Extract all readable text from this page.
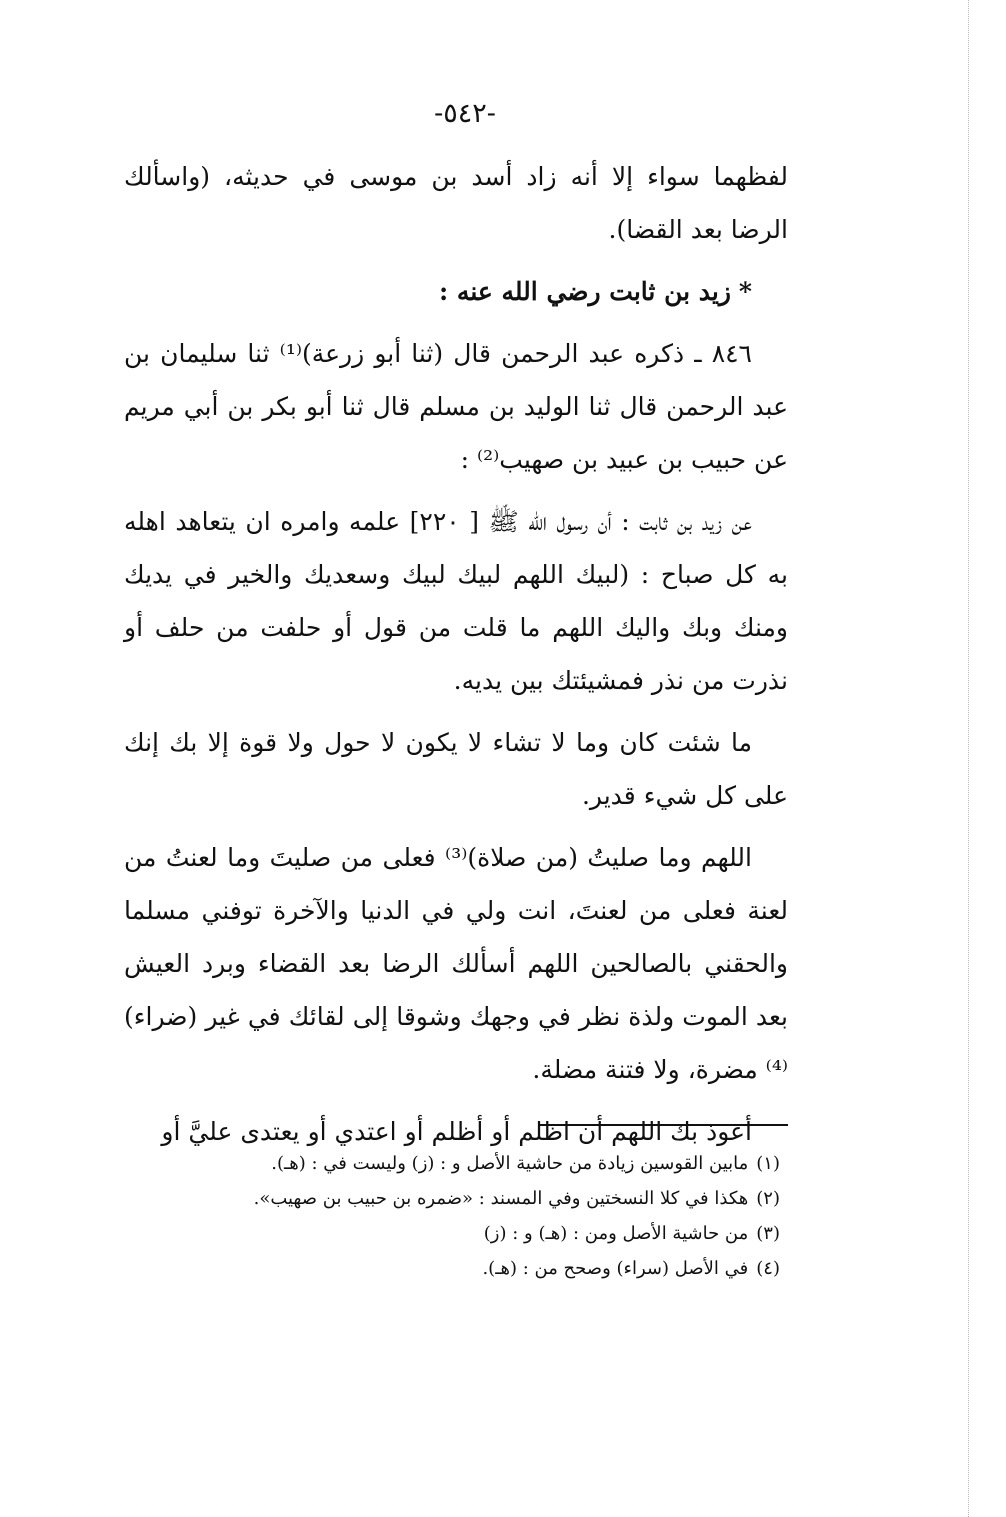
-٥٤٢-

لفظهما سواء إلا أنه زاد أسد بن موسى في حديثه، (واسألك الرضا بعد القضا).

*زيد بن ثابت رضي الله عنه :

٨٤٦ ـ ذكره عبد الرحمن قال (ثنا أبو زرعة)⁽¹⁾ ثنا سليمان بن عبد الرحمن قال ثنا الوليد بن مسلم قال ثنا أبو بكر بن أبي مريم عن حبيب بن عبيد بن صهيب⁽²⁾ :

عن زيد بن ثابت : أن رسول الله ﷺ [ ٢٢٠] علمه وامره ان يتعاهد اهله به كل صباح : (لبيك اللهم لبيك لبيك وسعديك والخير في يديك ومنك وبك واليك اللهم ما قلت من قول أو حلفت من حلف أو نذرت من نذر فمشيئتك بين يديه.

ما شئت كان وما لا تشاء لا يكون لا حول ولا قوة إلا بك إنك على كل شيء قدير.

اللهم وما صليتُ (من صلاة)⁽³⁾ فعلى من صليتَ وما لعنتُ من لعنة فعلى من لعنتَ، انت ولي في الدنيا والآخرة توفني مسلما والحقني بالصالحين اللهم أسألك الرضا بعد القضاء وبرد العيش بعد الموت ولذة نظر في وجهك وشوقا إلى لقائك في غير (ضراء)⁽⁴⁾ مضرة، ولا فتنة مضلة.

أعوذ بك اللهم أن اظلم أو أظلم أو اعتدي أو يعتدى عليَّ أو

(١)مابين القوسين زيادة من حاشية الأصل و : (ز) وليست في : (هـ).

(٢)هكذا في كلا النسختين وفي المسند : «ضمره بن حبيب بن صهيب».

(٣)من حاشية الأصل ومن : (هـ) و : (ز)

(٤)في الأصل (سراء) وصحح من : (هـ).
